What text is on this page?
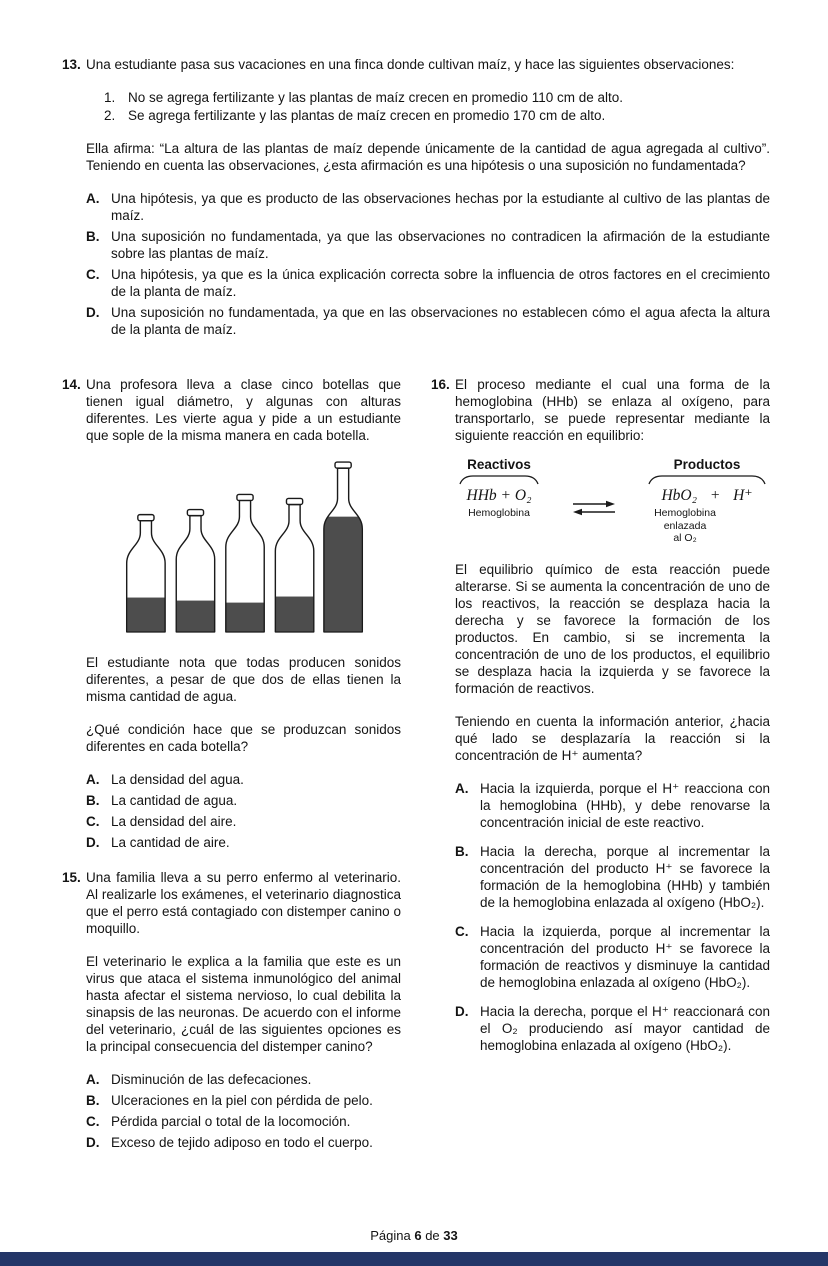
13. Una estudiante pasa sus vacaciones en una finca donde cultivan maíz, y hace las siguientes observaciones:

1. No se agrega fertilizante y las plantas de maíz crecen en promedio 110 cm de alto.
2. Se agrega fertilizante y las plantas de maíz crecen en promedio 170 cm de alto.

Ella afirma: “La altura de las plantas de maíz depende únicamente de la cantidad de agua agregada al cultivo”. Teniendo en cuenta las observaciones, ¿esta afirmación es una hipótesis o una suposición no fundamentada?

A. Una hipótesis, ya que es producto de las observaciones hechas por la estudiante al cultivo de las plantas de maíz.
B. Una suposición no fundamentada, ya que las observaciones no contradicen la afirmación de la estudiante sobre las plantas de maíz.
C. Una hipótesis, ya que es la única explicación correcta sobre la influencia de otros factores en el crecimiento de la planta de maíz.
D. Una suposición no fundamentada, ya que en las observaciones no establecen cómo el agua afecta la altura de la planta de maíz.
14. Una profesora lleva a clase cinco botellas que tienen igual diámetro, y algunas con alturas diferentes. Les vierte agua y pide a un estudiante que sople de la misma manera en cada botella.

El estudiante nota que todas producen sonidos diferentes, a pesar de que dos de ellas tienen la misma cantidad de agua.

¿Qué condición hace que se produzcan sonidos diferentes en cada botella?

A. La densidad del agua.
B. La cantidad de agua.
C. La densidad del aire.
D. La cantidad de aire.
15. Una familia lleva a su perro enfermo al veterinario. Al realizarle los exámenes, el veterinario diagnostica que el perro está contagiado con distemper canino o moquillo.

El veterinario le explica a la familia que este es un virus que ataca el sistema inmunológico del animal hasta afectar el sistema nervioso, lo cual debilita la sinapsis de las neuronas. De acuerdo con el informe del veterinario, ¿cuál de las siguientes opciones es la principal consecuencia del distemper canino?

A. Disminución de las defecaciones.
B. Ulceraciones en la piel con pérdida de pelo.
C. Pérdida parcial o total de la locomoción.
D. Exceso de tejido adiposo en todo el cuerpo.
16. El proceso mediante el cual una forma de la hemoglobina (HHb) se enlaza al oxígeno, para transportarlo, se puede representar mediante la siguiente reacción en equilibrio:

Reactivos
HHb + O₂
Hemoglobina
Productos
HbO₂ + H⁺
Hemoglobina
enlazada
al O₂

El equilibrio químico de esta reacción puede alterarse. Si se aumenta la concentración de uno de los reactivos, la reacción se desplaza hacia la derecha y se favorece la formación de los productos. En cambio, si se incrementa la concentración de uno de los productos, el equilibrio se desplaza hacia la izquierda y se favorece la formación de reactivos.

Teniendo en cuenta la información anterior, ¿hacia qué lado se desplazaría la reacción si la concentración de H⁺ aumenta?

A. Hacia la izquierda, porque el H⁺ reacciona con la hemoglobina (HHb), y debe renovarse la concentración inicial de este reactivo.
B. Hacia la derecha, porque al incrementar la concentración del producto H⁺ se favorece la formación de la hemoglobina (HHb) y también de la hemoglobina enlazada al oxígeno (HbO₂).
C. Hacia la izquierda, porque al incrementar la concentración del producto H⁺ se favorece la formación de reactivos y disminuye la cantidad de hemoglobina enlazada al oxígeno (HbO₂).
D. Hacia la derecha, porque el H⁺ reaccionará con el O₂ produciendo así mayor cantidad de hemoglobina enlazada al oxígeno (HbO₂).
Página 6 de 33
